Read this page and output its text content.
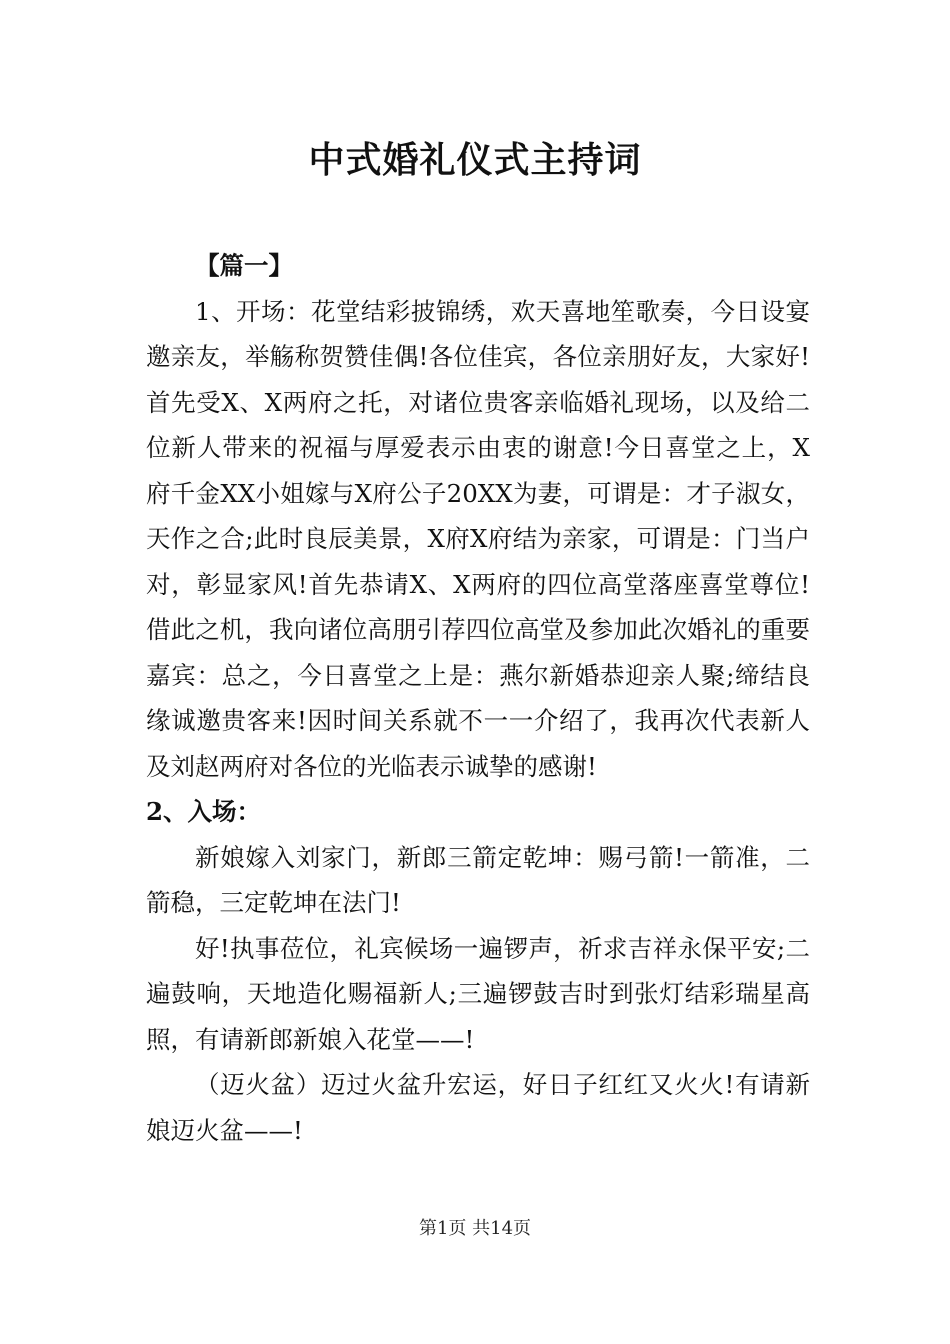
中式婚礼仪式主持词

【篇一】

1、开场：花堂结彩披锦绣，欢天喜地笙歌奏，今日设宴邀亲友，举觞称贺赞佳偶!各位佳宾，各位亲朋好友，大家好!首先受X、X两府之托，对诸位贵客亲临婚礼现场，以及给二位新人带来的祝福与厚爱表示由衷的谢意!今日喜堂之上，X府千金XX小姐嫁与X府公子20XX为妻，可谓是：才子淑女，天作之合;此时良辰美景，X府X府结为亲家，可谓是：门当户对，彰显家风!首先恭请X、X两府的四位高堂落座喜堂尊位!借此之机，我向诸位高朋引荐四位高堂及参加此次婚礼的重要嘉宾：总之，今日喜堂之上是：燕尔新婚恭迎亲人聚;缔结良缘诚邀贵客来!因时间关系就不一一介绍了，我再次代表新人及刘赵两府对各位的光临表示诚挚的感谢!

2、入场：

新娘嫁入刘家门，新郎三箭定乾坤：赐弓箭!一箭准，二箭稳，三定乾坤在法门!

好!执事莅位，礼宾候场一遍锣声，祈求吉祥永保平安;二遍鼓响，天地造化赐福新人;三遍锣鼓吉时到张灯结彩瑞星高照，有请新郎新娘入花堂——!

（迈火盆）迈过火盆升宏运，好日子红红又火火!有请新娘迈火盆——!

第1页 共14页
